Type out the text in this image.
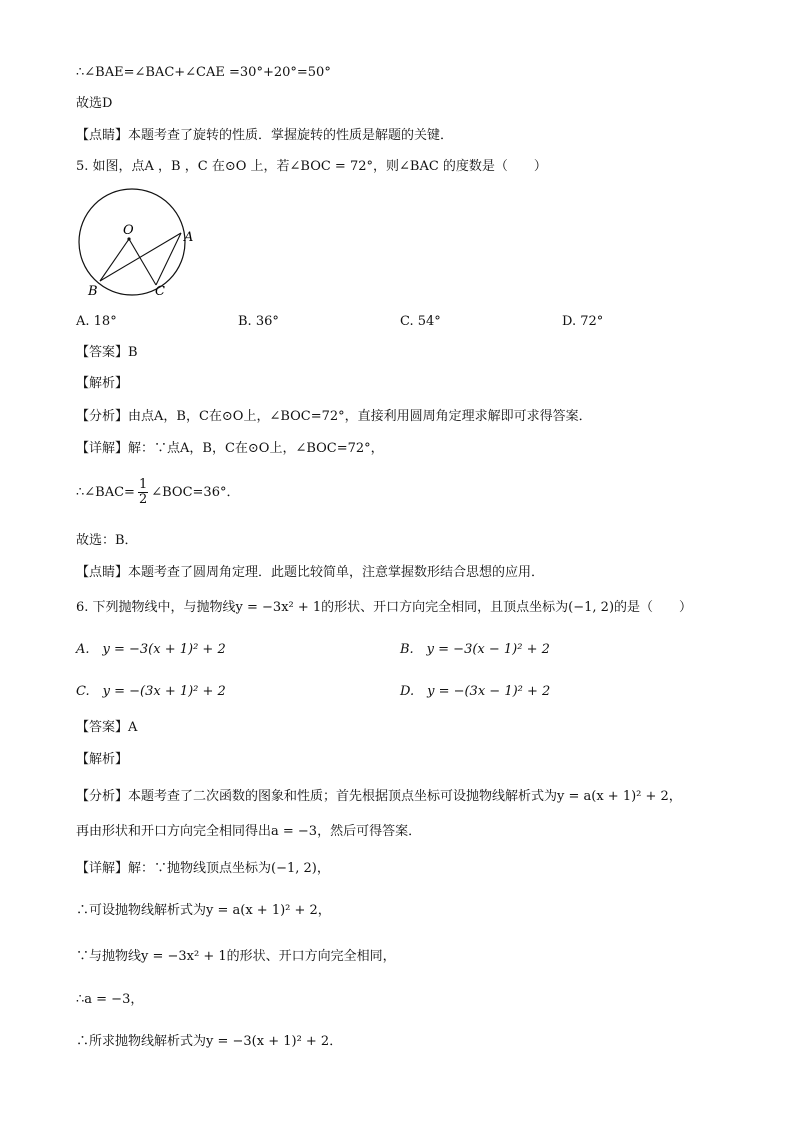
∴∠BAE=∠BAC+∠CAE =30°+20°=50°
故选D
【点睛】本题考查了旋转的性质．掌握旋转的性质是解题的关键．
5. 如图，点A ，B ，C 在⊙O 上，若∠BOC = 72°，则∠BAC 的度数是（　　）
O	A
B	C
A. 18°	B. 36°	C. 54°	D. 72°
【答案】B
【解析】
【分析】由点A，B，C在⊙O上，∠BOC=72°，直接利用圆周角定理求解即可求得答案．
【详解】解：∵点A，B，C在⊙O上，∠BOC=72°，
∴∠BAC= $\frac{1}{2}$ ∠BOC=36°．
故选：B．
【点睛】本题考查了圆周角定理．此题比较简单，注意掌握数形结合思想的应用．
6. 下列抛物线中，与抛物线y = −3x² + 1的形状、开口方向完全相同，且顶点坐标为(−1, 2)的是（　　）
A.　y = −3(x + 1)² + 2	B.　y = −3(x − 1)² + 2
C.　y = −(3x + 1)² + 2	D.　y = −(3x − 1)² + 2
【答案】A
【解析】
【分析】本题考查了二次函数的图象和性质；首先根据顶点坐标可设抛物线解析式为y = a(x + 1)² + 2，
再由形状和开口方向完全相同得出a = −3，然后可得答案．
【详解】解：∵抛物线顶点坐标为(−1, 2)，
∴可设抛物线解析式为y = a(x + 1)² + 2，
∵与抛物线y = −3x² + 1的形状、开口方向完全相同，
∴a = −3，
∴所求抛物线解析式为y = −3(x + 1)² + 2．
